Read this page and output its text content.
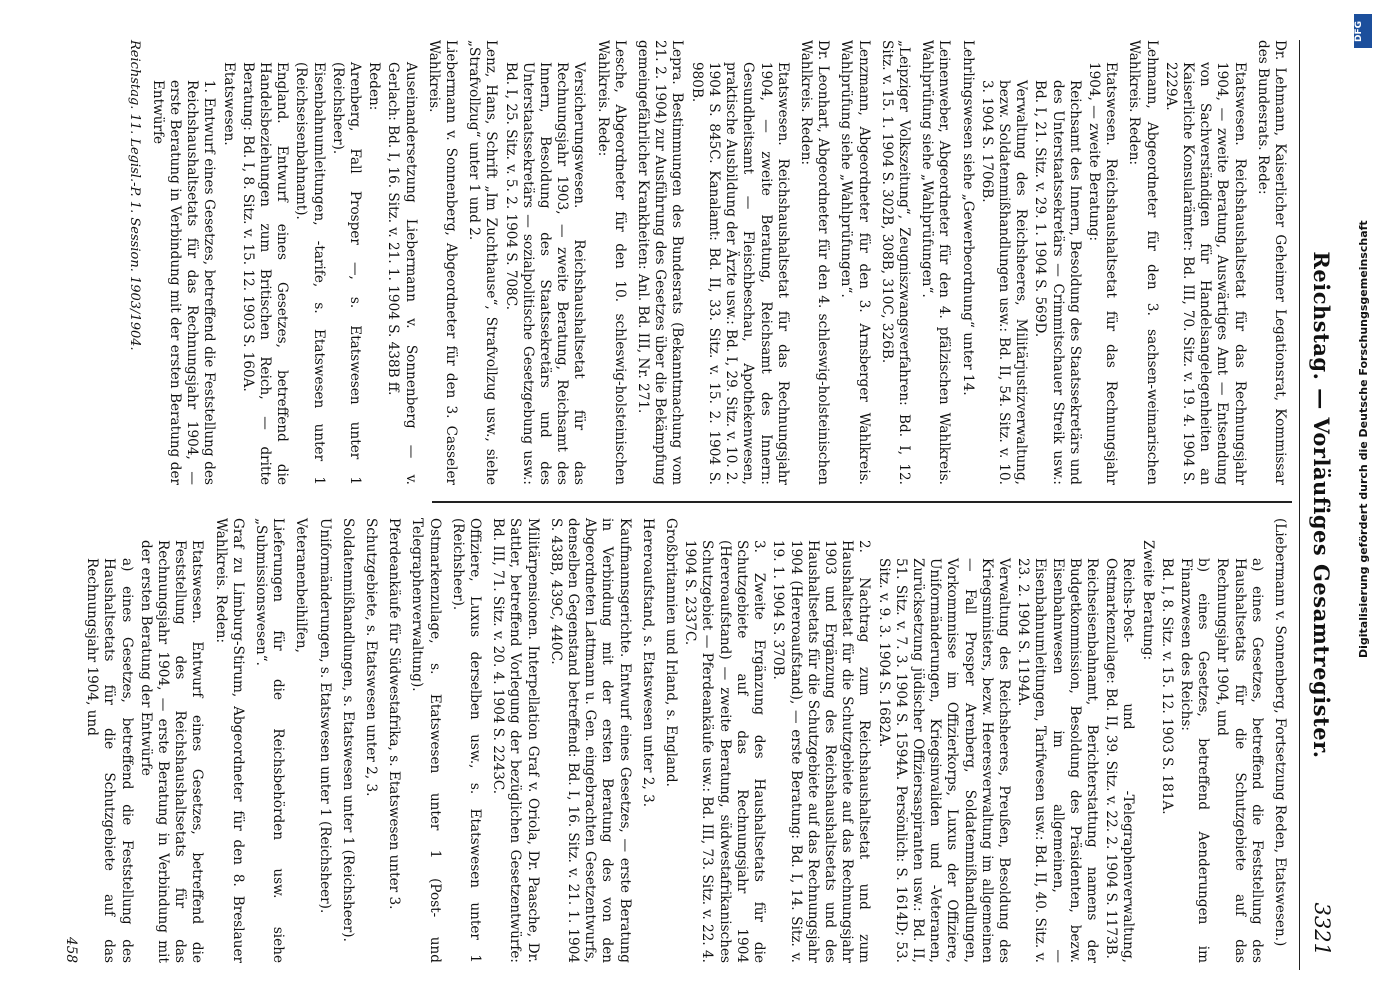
Reichstag. — Vorläufiges Gesamtregister.
3321

Dr. Lehmann, Kaiserlicher Geheimer Legationsrat, Kommissar des Bundesrats. Rede:

Etatswesen. Reichshaushaltsetat für das Rechnungsjahr 1904, — zweite Beratung, Auswärtiges Amt — Entsendung von Sachverständigen für Handelsangelegenheiten an Kaiserliche Konsularämter: Bd. III, 70. Sitz. v. 19. 4. 1904 S. 2229A.

Lehmann, Abgeordneter für den 3. sachsen-weimarischen Wahlkreis. Reden:

Etatswesen. Reichshaushaltsetat für das Rechnungsjahr 1904, — zweite Beratung:

Reichsamt des Innern, Besoldung des Staatssekretärs und des Unterstaatssekretärs — Crimmitschauer Streik usw.: Bd. I, 21. Sitz. v. 29. 1. 1904 S. 569D.

Verwaltung des Reichsheeres, Militärjustizverwaltung, bezw. Soldatenmißhandlungen usw.: Bd. II, 54. Sitz. v. 10. 3. 1904 S. 1706B.

Lehrlingswesen siehe „Gewerbeordnung“ unter 14.

Leinenweber, Abgeordneter für den 4. pfälzischen Wahlkreis. Wahlprüfung siehe „Wahlprüfungen“.

„Leipziger Volkszeitung“, Zeugniszwangsverfahren: Bd. I, 12. Sitz. v. 15. 1. 1904 S. 302B, 308B, 310C, 326B.

Lenzmann, Abgeordneter für den 3. Arnsberger Wahlkreis. Wahlprüfung siehe „Wahlprüfungen“.

Dr. Leonhart, Abgeordneter für den 4. schleswig-holsteinischen Wahlkreis. Reden:

Etatswesen. Reichshaushaltsetat für das Rechnungsjahr 1904, — zweite Beratung, Reichsamt des Innern: Gesundheitsamt — Fleischbeschau, Apothekenwesen, praktische Ausbildung der Ärzte usw.: Bd. I, 29. Sitz. v. 10. 2. 1904 S. 845C. Kanalamt: Bd. II, 33. Sitz. v. 15. 2. 1904 S. 980B.

Lepra. Bestimmungen des Bundesrats (Bekanntmachung vom 21. 2. 1904) zur Ausführung des Gesetzes über die Bekämpfung gemeingefährlicher Krankheiten: Anl. Bd. III, Nr. 271.

Lesche, Abgeordneter für den 10. schleswig-holsteinischen Wahlkreis. Rede:

Versicherungswesen. Reichshaushaltsetat für das Rechnungsjahr 1903, — zweite Beratung, Reichsamt des Innern, Besoldung des Staatssekretärs und des Unterstaatssekretärs — sozialpolitische Gesetzgebung usw.: Bd. I, 25. Sitz. v. 5. 2. 1904 S. 708C.

Lenz, Hans, Schrift „Im Zuchthause“, Strafvollzug usw., siehe „Strafvollzug“ unter 1 und 2.

Liebermann v. Sonnenberg, Abgeordneter für den 3. Casseler Wahlkreis.

Auseinandersetzung Liebermann v. Sonnenberg — v. Gerlach: Bd. I, 16. Sitz. v. 21. 1. 1904 S. 438B ff.

Reden:

Arenberg, Fall Prosper —, s. Etatswesen unter 1 (Reichsheer).

Eisenbahnumleitungen, -tarife, s. Etatswesen unter 1 (Reichseisenbahnamt).

England. Entwurf eines Gesetzes, betreffend die Handelsbeziehungen zum Britischen Reich, — dritte Beratung: Bd. I, 8. Sitz. v. 15. 12. 1903 S. 160A.

Etatswesen.

1. Entwurf eines Gesetzes, betreffend die Feststellung des Reichshaushaltsetats für das Rechnungsjahr 1904, — erste Beratung in Verbindung mit der ersten Beratung der Entwürfe

Reichstag. 11. Legisl.-P. 1. Session. 1903/1904.

(Liebermann v. Sonnenberg, Fortsetzung Reden, Etatswesen.)

a) eines Gesetzes, betreffend die Feststellung des Haushaltsetats für die Schutzgebiete auf das Rechnungsjahr 1904, und

b) eines Gesetzes, betreffend Aenderungen im Finanzwesen des Reichs:

Bd. I, 8. Sitz. v. 15. 12. 1903 S. 181A.

Zweite Beratung:

Reichs-Post- und -Telegraphenverwaltung, Ostmarkenzulage: Bd. II, 39. Sitz. v. 22. 2. 1904 S. 1173B.

Reichseisenbahnamt, Berichterstattung namens der Budgetkommission, Besoldung des Präsidenten, bezw. Eisenbahnwesen im allgemeinen, — Eisenbahnumleitungen, Tarifwesen usw.: Bd. II, 40. Sitz. v. 23. 2. 1904 S. 1194A.

Verwaltung des Reichsheeres, Preußen, Besoldung des Kriegsministers, bezw. Heeresverwaltung im allgemeinen — Fall Prosper Arenberg, Soldatenmißhandlungen, Vorkommnisse im Offizierkorps, Luxus der Offiziere, Uniformänderungen, Kriegsinvaliden und -Veteranen, Zurücksetzung jüdischer Offiziersaspiranten usw.: Bd. II, 51. Sitz. v. 7. 3. 1904 S. 1594A. Persönlich: S. 1614D; 53. Sitz. v. 9. 3. 1904 S. 1682A.

2. Nachtrag zum Reichshaushaltsetat und zum Haushaltsetat für die Schutzgebiete auf das Rechnungsjahr 1903 und Ergänzung des Reichshaushaltsetats und des Haushaltsetats für die Schutzgebiete auf das Rechnungsjahr 1904 (Hereroaufstand), — erste Beratung: Bd. I, 14. Sitz. v. 19. 1. 1904 S. 370B.

3. Zweite Ergänzung des Haushaltsetats für die Schutzgebiete auf das Rechnungsjahr 1904 (Hereroaufstand) — zweite Beratung, südwestafrikanisches Schutzgebiet — Pferdeankäufe usw.: Bd. III, 73. Sitz. v. 22. 4. 1904 S. 2337C.

Großbritannien und Irland, s. England.

Hereroaufstand, s. Etatswesen unter 2, 3.

Kaufmannsgerichte. Entwurf eines Gesetzes, — erste Beratung in Verbindung mit der ersten Beratung des von den Abgeordneten Lattmann u. Gen. eingebrachten Gesetzentwurfs, denselben Gegenstand betreffend: Bd. I, 16. Sitz. v. 21. 1. 1904 S. 438B, 439C, 440C.

Militärpensionen. Interpellation Graf v. Oriola, Dr. Paasche, Dr. Sattler, betreffend Vorlegung der bezüglichen Gesetzentwürfe: Bd. III, 71. Sitz. v. 20. 4. 1904 S. 2243C.

Offiziere, Luxus derselben usw., s. Etatswesen unter 1 (Reichsheer).

Ostmarkenzulage, s. Etatswesen unter 1 (Post- und Telegraphenverwaltung).

Pferdeankäufe für Südwestafrika, s. Etatswesen unter 3.

Schutzgebiete, s. Etatswesen unter 2, 3.

Soldatenmißhandlungen, s. Etatswesen unter 1 (Reichsheer).

Uniformänderungen, s. Etatswesen unter 1 (Reichsheer).

Veteranenbeihilfen,

Lieferungen für die Reichsbehörden usw. siehe „Submissionswesen“.

Graf zu Limburg-Stirum, Abgeordneter für den 8. Breslauer Wahlkreis. Reden:

Etatswesen. Entwurf eines Gesetzes, betreffend die Feststellung des Reichshaushaltsetats für das Rechnungsjahr 1904, — erste Beratung in Verbindung mit der ersten Beratung der Entwürfe

a) eines Gesetzes, betreffend die Feststellung des Haushaltsetats für die Schutzgebiete auf das Rechnungsjahr 1904, und

458
DFG
Digitalisierung gefördert durch die Deutsche Forschungsgemeinschaft
